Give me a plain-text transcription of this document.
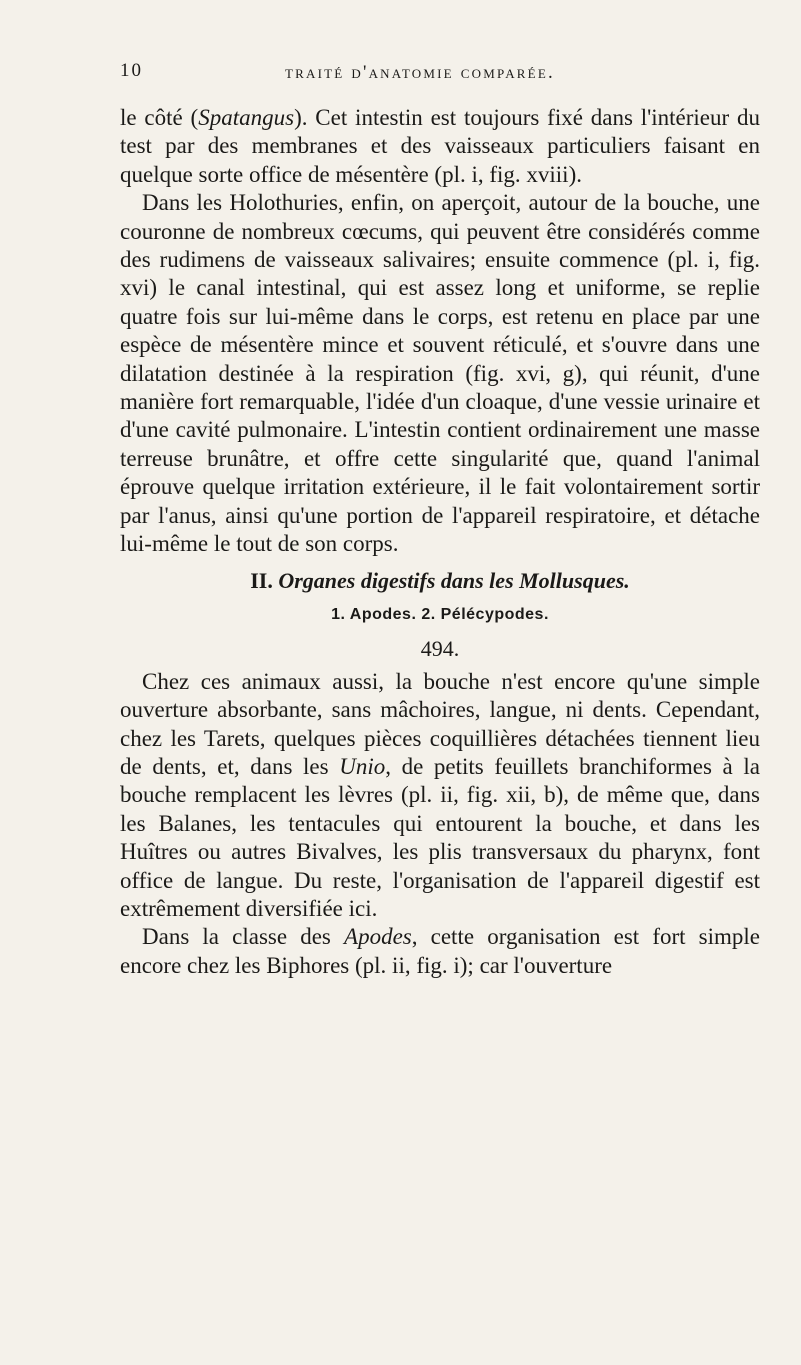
10	traité d'anatomie comparée.

le côté (Spatangus). Cet intestin est toujours fixé dans l'intérieur du test par des membranes et des vaisseaux particuliers faisant en quelque sorte office de mésentère (pl. i, fig. xviii).

Dans les Holothuries, enfin, on aperçoit, autour de la bouche, une couronne de nombreux cœcums, qui peuvent être considérés comme des rudimens de vaisseaux salivaires; ensuite commence (pl. i, fig. xvi) le canal intestinal, qui est assez long et uniforme, se replie quatre fois sur lui-même dans le corps, est retenu en place par une espèce de mésentère mince et souvent réticulé, et s'ouvre dans une dilatation destinée à la respiration (fig. xvi, g), qui réunit, d'une manière fort remarquable, l'idée d'un cloaque, d'une vessie urinaire et d'une cavité pulmonaire. L'intestin contient ordinairement une masse terreuse brunâtre, et offre cette singularité que, quand l'animal éprouve quelque irritation extérieure, il le fait volontairement sortir par l'anus, ainsi qu'une portion de l'appareil respiratoire, et détache lui-même le tout de son corps.

II. Organes digestifs dans les Mollusques.
1. Apodes. 2. Pélécypodes.
494.

Chez ces animaux aussi, la bouche n'est encore qu'une simple ouverture absorbante, sans mâchoires, langue, ni dents. Cependant, chez les Tarets, quelques pièces coquillières détachées tiennent lieu de dents, et, dans les Unio, de petits feuillets branchiformes à la bouche remplacent les lèvres (pl. ii, fig. xii, b), de même que, dans les Balanes, les tentacules qui entourent la bouche, et dans les Huîtres ou autres Bivalves, les plis transversaux du pharynx, font office de langue. Du reste, l'organisation de l'appareil digestif est extrêmement diversifiée ici.

Dans la classe des Apodes, cette organisation est fort simple encore chez les Biphores (pl. ii, fig. i); car l'ouverture
